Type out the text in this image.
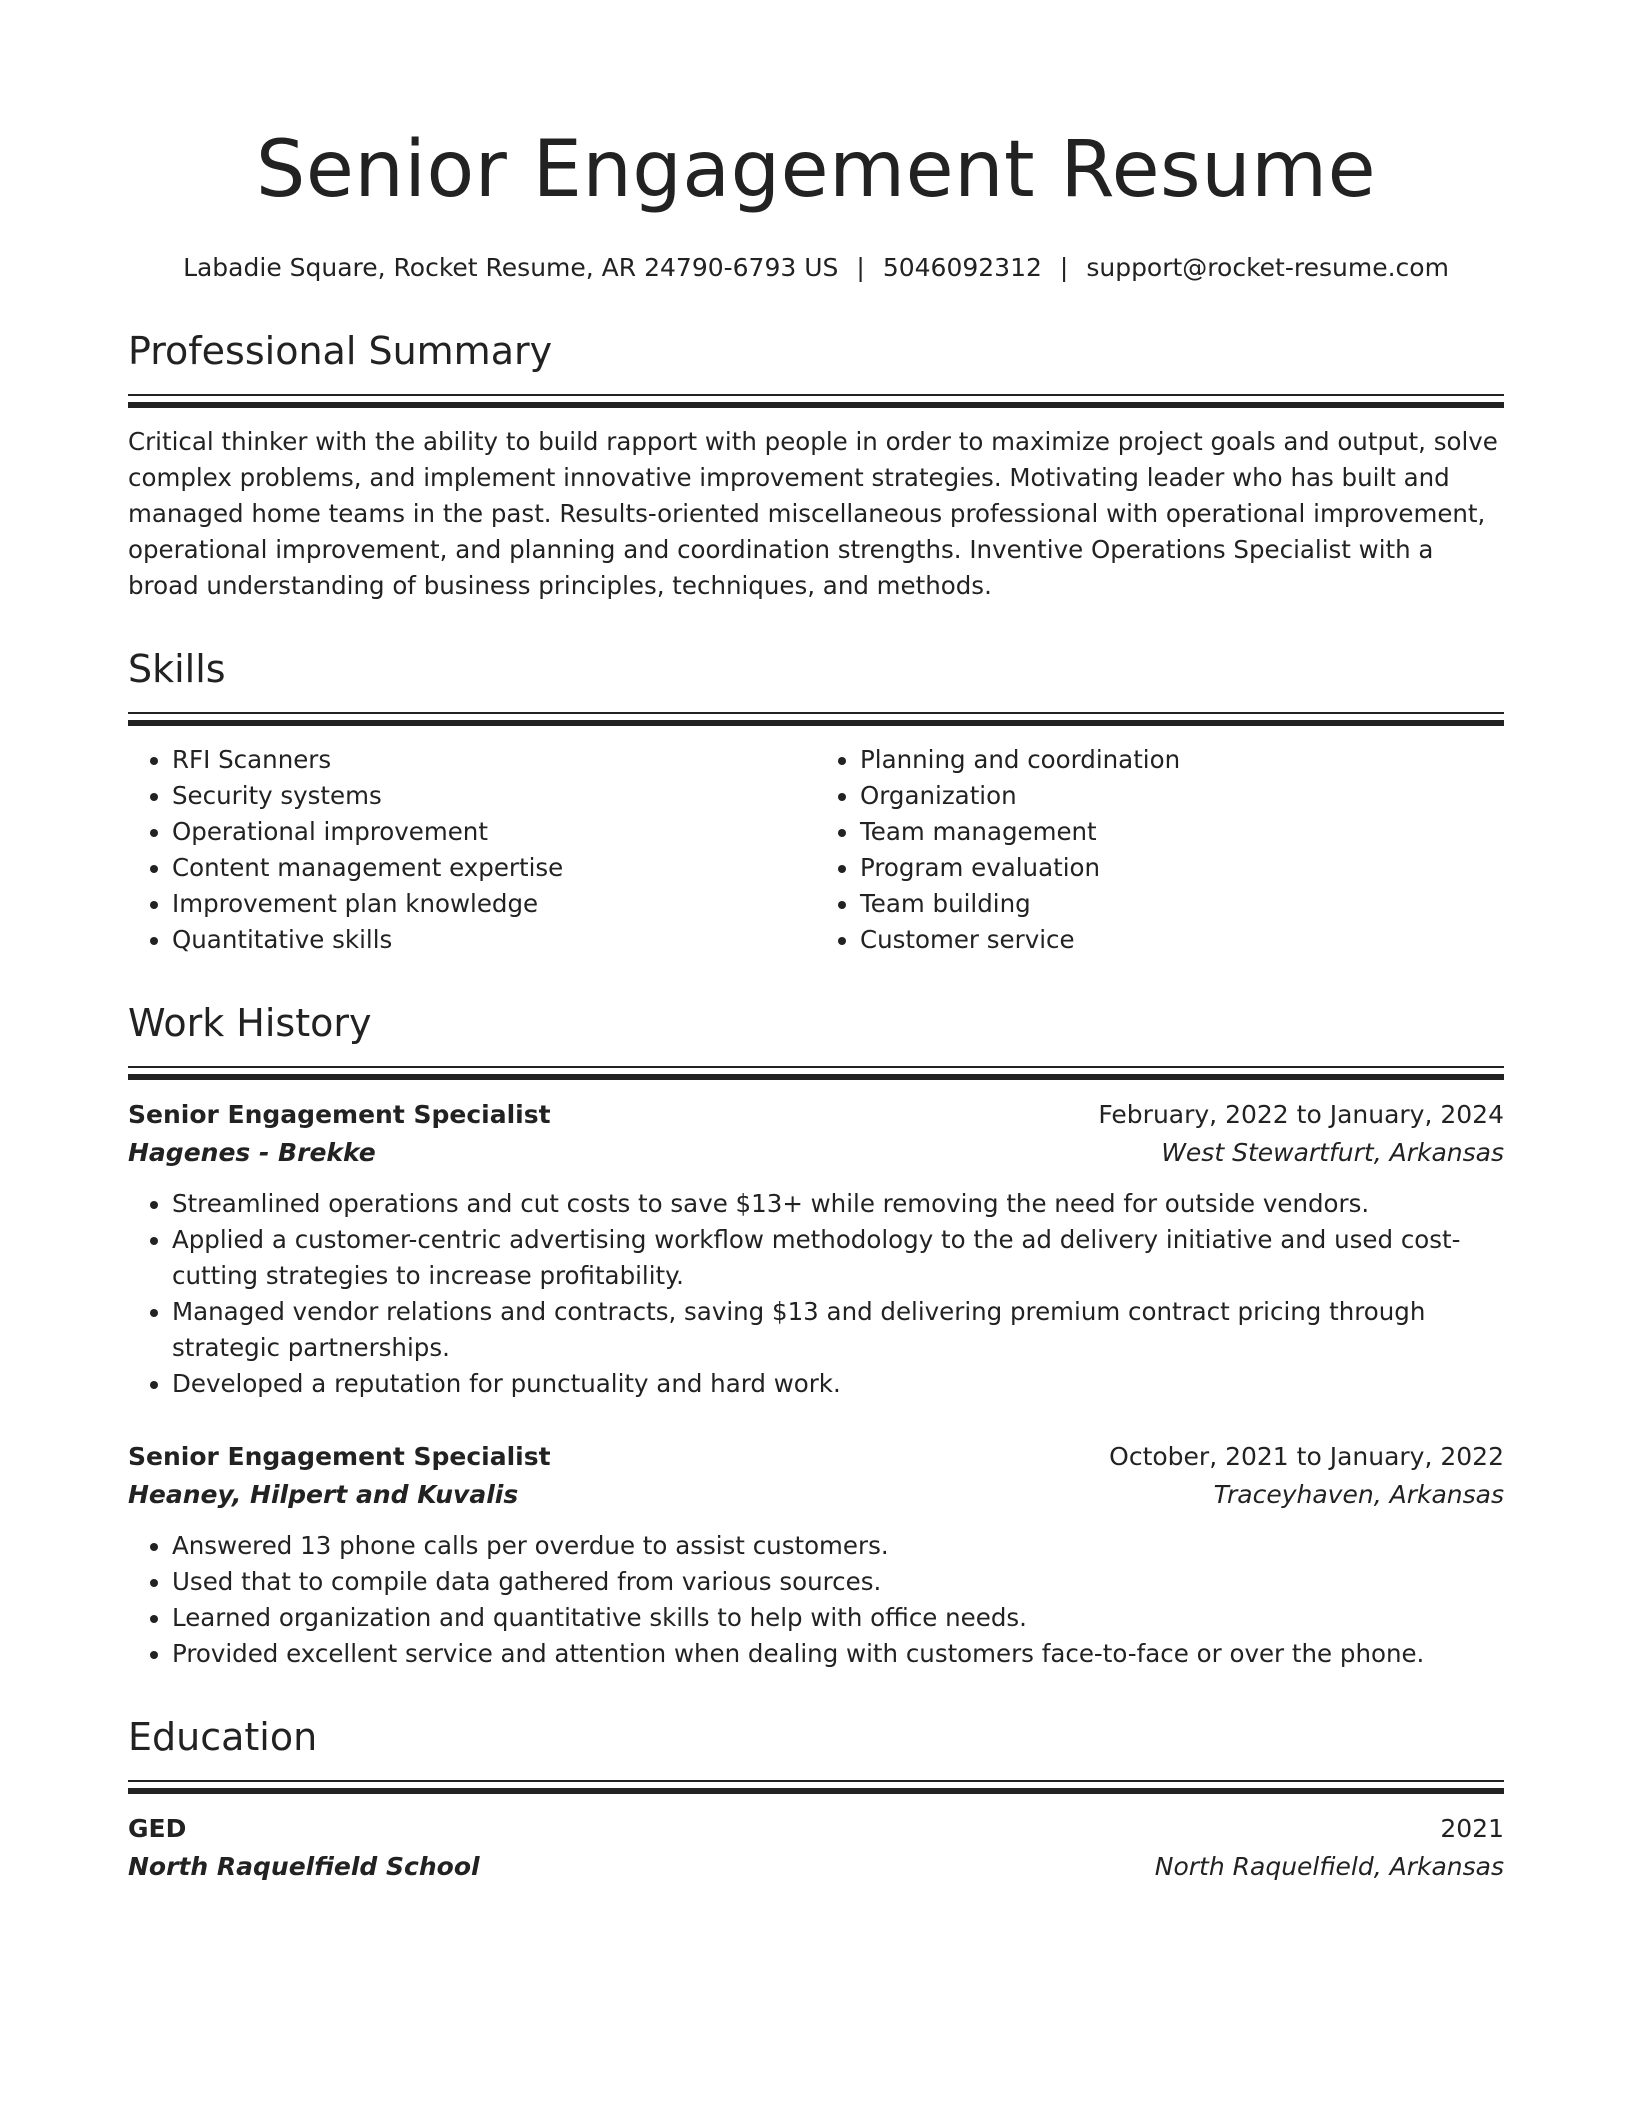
Senior Engagement Resume
Labadie Square, Rocket Resume, AR 24790-6793 US | 5046092312 | support@rocket-resume.com
Professional Summary

Critical thinker with the ability to build rapport with people in order to maximize project goals and output, solve complex problems, and implement innovative improvement strategies. Motivating leader who has built and managed home teams in the past. Results-oriented miscellaneous professional with operational improvement, operational improvement, and planning and coordination strengths. Inventive Operations Specialist with a broad understanding of business principles, techniques, and methods.

Skills
• RFI Scanners
• Security systems
• Operational improvement
• Content management expertise
• Improvement plan knowledge
• Quantitative skills
• Planning and coordination
• Organization
• Team management
• Program evaluation
• Team building
• Customer service
Work History
Senior Engagement Specialist	February, 2022 to January, 2024
Hagenes - Brekke	West Stewartfurt, Arkansas
• Streamlined operations and cut costs to save $13+ while removing the need for outside vendors.
• Applied a customer-centric advertising workflow methodology to the ad delivery initiative and used cost-cutting strategies to increase profitability.
• Managed vendor relations and contracts, saving $13 and delivering premium contract pricing through strategic partnerships.
• Developed a reputation for punctuality and hard work.
Senior Engagement Specialist	October, 2021 to January, 2022
Heaney, Hilpert and Kuvalis	Traceyhaven, Arkansas
• Answered 13 phone calls per overdue to assist customers.
• Used that to compile data gathered from various sources.
• Learned organization and quantitative skills to help with office needs.
• Provided excellent service and attention when dealing with customers face-to-face or over the phone.
Education
GED	2021
North Raquelfield School	North Raquelfield, Arkansas
